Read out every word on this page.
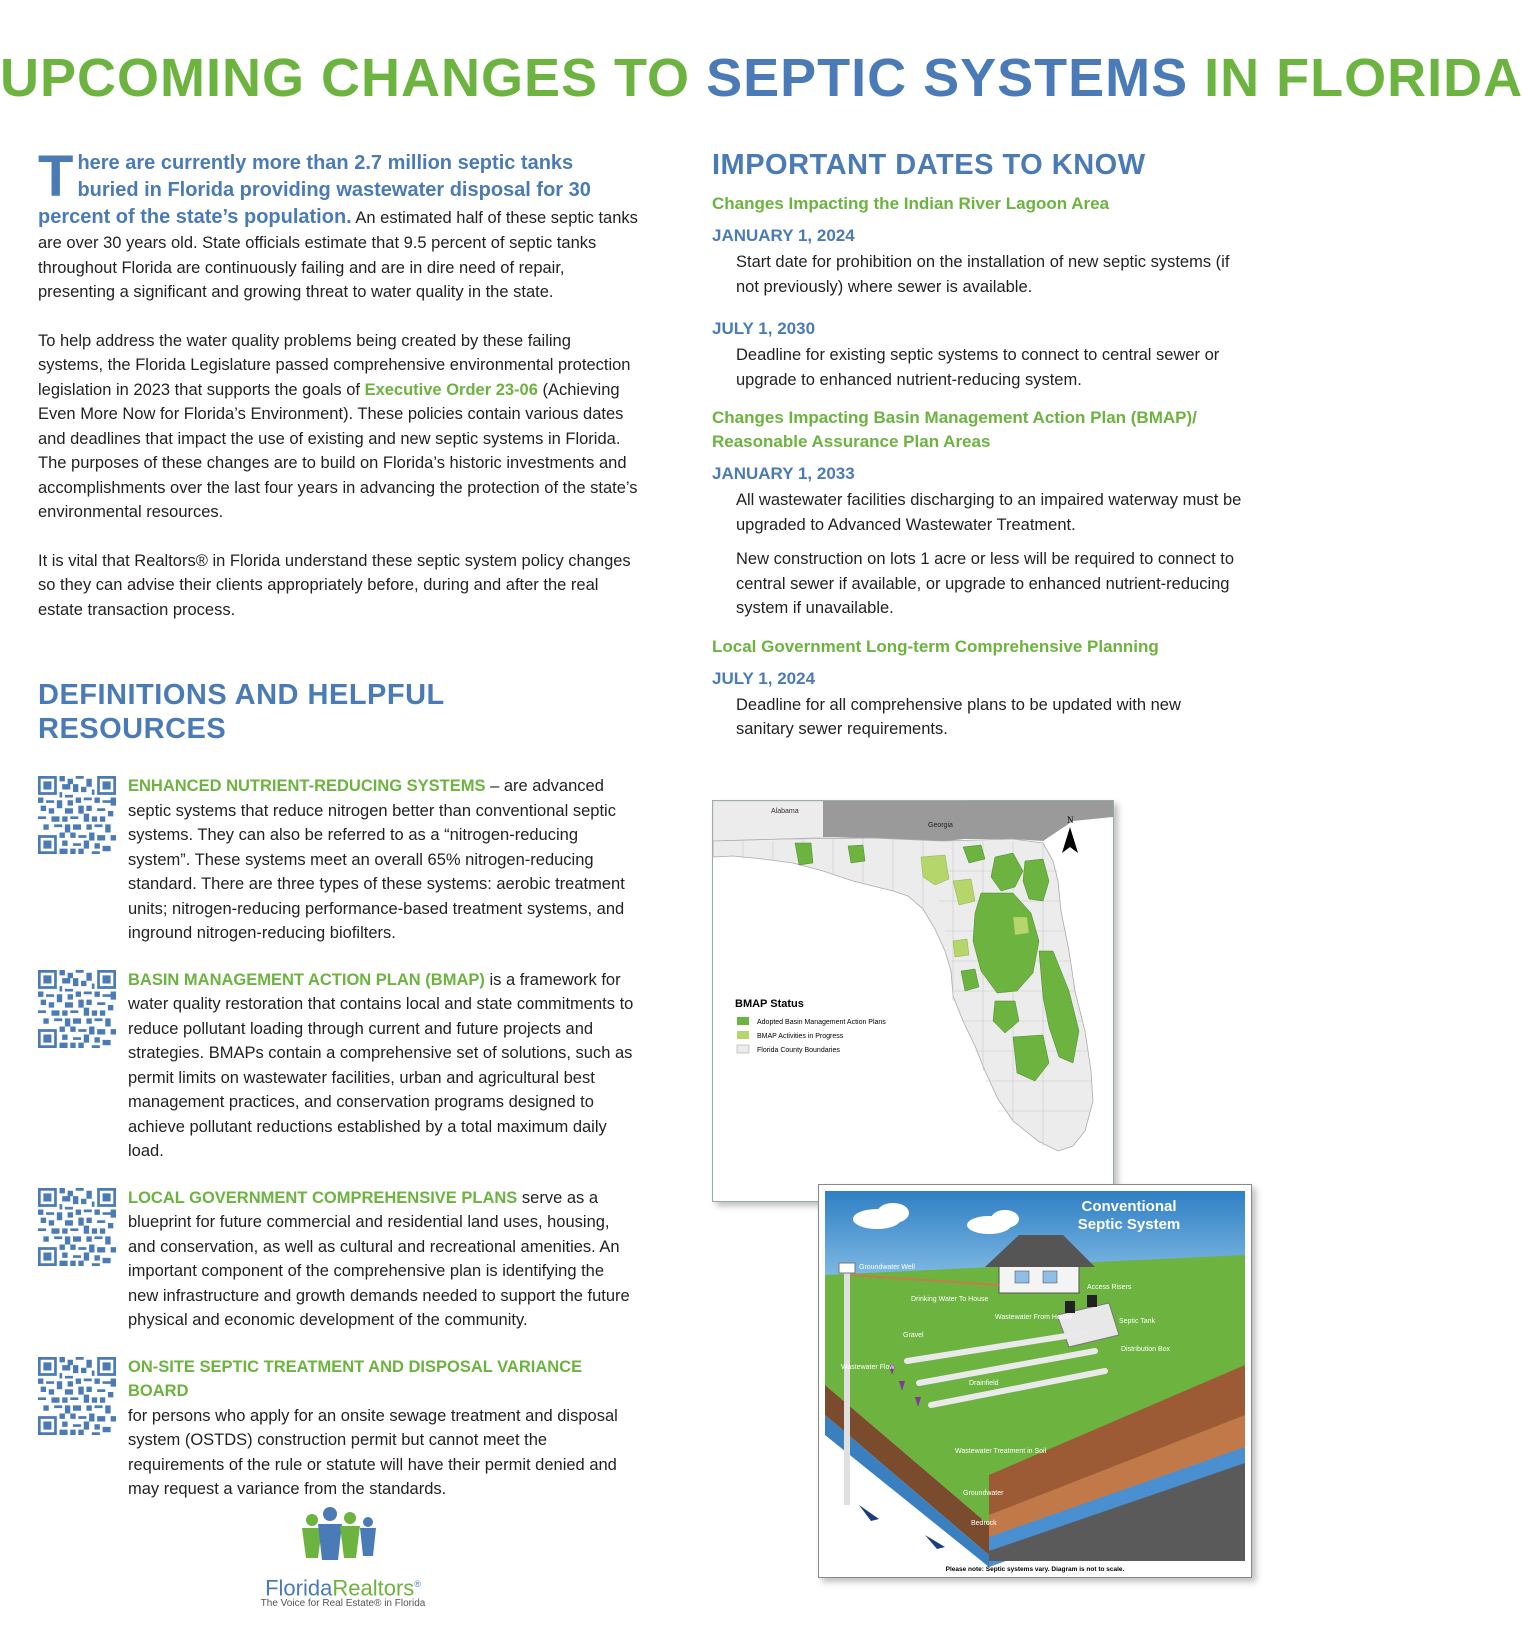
UPCOMING CHANGES TO SEPTIC SYSTEMS IN FLORIDA

There are currently more than 2.7 million septic tanks buried in Florida providing wastewater disposal for 30 percent of the state’s population. An estimated half of these septic tanks are over 30 years old. State officials estimate that 9.5 percent of septic tanks throughout Florida are continuously failing and are in dire need of repair, presenting a significant and growing threat to water quality in the state.

To help address the water quality problems being created by these failing systems, the Florida Legislature passed comprehensive environmental protection legislation in 2023 that supports the goals of Executive Order 23-06 (Achieving Even More Now for Florida’s Environment). These policies contain various dates and deadlines that impact the use of existing and new septic systems in Florida. The purposes of these changes are to build on Florida’s historic investments and accomplishments over the last four years in advancing the protection of the state’s environmental resources.

It is vital that Realtors® in Florida understand these septic system policy changes so they can advise their clients appropriately before, during and after the real estate transaction process.

DEFINITIONS AND HELPFUL RESOURCES
ENHANCED NUTRIENT-REDUCING SYSTEMS – are advanced septic systems that reduce nitrogen better than conventional septic systems. They can also be referred to as a “nitrogen-reducing system”. These systems meet an overall 65% nitrogen-reducing standard. There are three types of these systems: aerobic treatment units; nitrogen-reducing performance-based treatment systems, and inground nitrogen-reducing biofilters.
BASIN MANAGEMENT ACTION PLAN (BMAP) is a framework for water quality restoration that contains local and state commitments to reduce pollutant loading through current and future projects and strategies. BMAPs contain a comprehensive set of solutions, such as permit limits on wastewater facilities, urban and agricultural best management practices, and conservation programs designed to achieve pollutant reductions established by a total maximum daily load.
LOCAL GOVERNMENT COMPREHENSIVE PLANS serve as a blueprint for future commercial and residential land uses, housing, and conservation, as well as cultural and recreational amenities. An important component of the comprehensive plan is identifying the new infrastructure and growth demands needed to support the future physical and economic development of the community.
ON-SITE SEPTIC TREATMENT AND DISPOSAL VARIANCE BOARD
for persons who apply for an onsite sewage treatment and disposal system (OSTDS) construction permit but cannot meet the requirements of the rule or statute will have their permit denied and may request a variance from the standards.
IMPORTANT DATES TO KNOW
Changes Impacting the Indian River Lagoon Area
JANUARY 1, 2024
Start date for prohibition on the installation of new septic systems (if not previously) where sewer is available.
JULY 1, 2030
Deadline for existing septic systems to connect to central sewer or upgrade to enhanced nutrient-reducing system.
Changes Impacting Basin Management Action Plan (BMAP)/ Reasonable Assurance Plan Areas
JANUARY 1, 2033
All wastewater facilities discharging to an impaired waterway must be upgraded to Advanced Wastewater Treatment.
New construction on lots 1 acre or less will be required to connect to central sewer if available, or upgrade to enhanced nutrient-reducing system if unavailable.
Local Government Long-term Comprehensive Planning
JULY 1, 2024
Deadline for all comprehensive plans to be updated with new sanitary sewer requirements.
Alabama
Georgia
N
BMAP Status
Adopted Basin Management Action Plans
BMAP Activities in Progress
Florida County Boundaries
Conventional
Septic System
Groundwater Well
Drinking Water To House
Wastewater From House
Access Risers
Septic Tank
Gravel
Distribution Box
Wastewater Flow
Drainfield
Wastewater Treatment in Soil
Groundwater
Bedrock
Please note: Septic systems vary. Diagram is not to scale.
FloridaRealtors®
The Voice for Real Estate® in Florida
